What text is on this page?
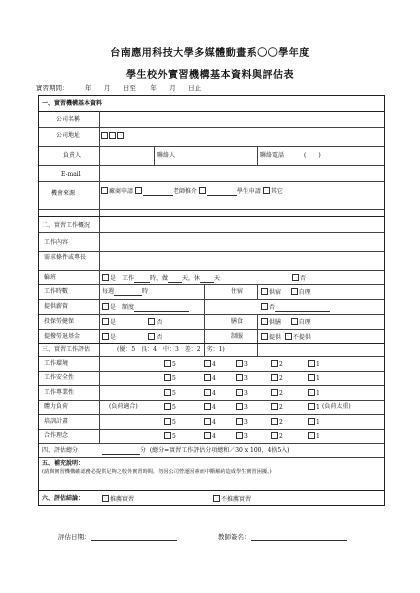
台南應用科技大學多媒體動畫系〇〇學年度
學生校外實習機構基本資料與評估表
實習期間：	年 月 日至 年 月 日止
一、實習機構基本資料
公司名稱
公司地址
負責人	聯絡人	聯絡電話	(　　)
E-mail
機會來源	廠商申請	老師推介	學生申請 其它
二、實習工作概況
工作內容
需求條件或專長
輪班	是　工作	時，做 天，休 天	否
工作時數	每週	時	住宿	供宿	自理
提供薪資	是　額度	否
投保勞健保	是	否	膳食	供膳	自理
提撥勞退基金	是	否	制服	提供 不提供
三、實習工作評估	(優：5　良：4　中：3　差：2　劣：1)
工作環境	5	4	3	2	1
工作安全性	5	4	3	2	1
工作專業性	5	4	3	2	1
體力負荷	(負荷適合)	5	4	3	2	1 (負荷太重)
培訓計畫	5	4	3	2	1
合作理念	5	4	3	2	1
四、評估總分	分 (總分=實習工作評估分項總和／30 x 100，4捨5入)
五、補充說明：
(請與實習機構確認務必提供足夠之校外實習時間，勿因公司營運因素而中斷解約造成學生實習困擾。)
六、評估結論：	推薦實習	不推薦實習
評估日期：	教師簽名：
